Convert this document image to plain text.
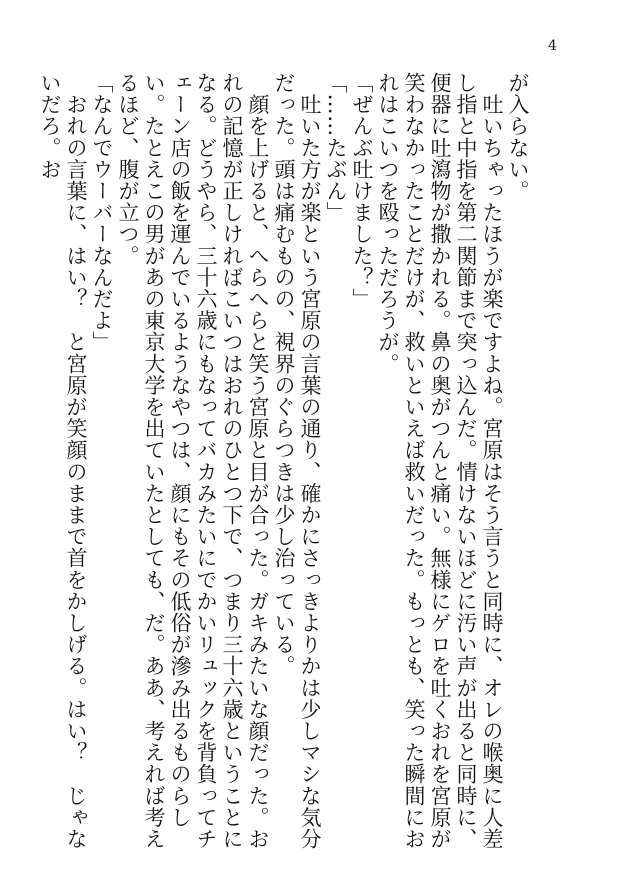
4

が入らない。

　吐いちゃったほうが楽ですよね。宮原はそう言うと同時に、オレの喉奥に人差し指と中指を第二関節まで突っ込んだ。情けないほどに汚い声が出ると同時に、便器に吐瀉物が撒かれる。鼻の奥がつんと痛い。無様にゲロを吐くおれを宮原が笑わなかったことだけが、救いといえば救いだった。もっとも、笑った瞬間におれはこいつを殴っただろうが。

「ぜんぶ吐けました？」

「……たぶん」

　吐いた方が楽という宮原の言葉の通り、確かにさっきよりかは少しマシな気分だった。頭は痛むものの、視界のぐらつきは少し治っている。

　顔を上げると、へらへらと笑う宮原と目が合った。ガキみたいな顔だった。おれの記憶が正しければこいつはおれのひとつ下で、つまり三十六歳ということになる。どうやら、三十六歳にもなってバカみたいにでかいリュックを背負ってチェーン店の飯を運んでいるようなやつは、顔にもその低俗が滲み出るものらしい。たとえこの男があの東京大学を出ていたとしても、だ。ああ、考えれば考えるほど、腹が立つ。

「なんでウーバーなんだよ」

　おれの言葉に、はい？　と宮原が笑顔のままで首をかしげる。はい？　じゃないだろ。お
